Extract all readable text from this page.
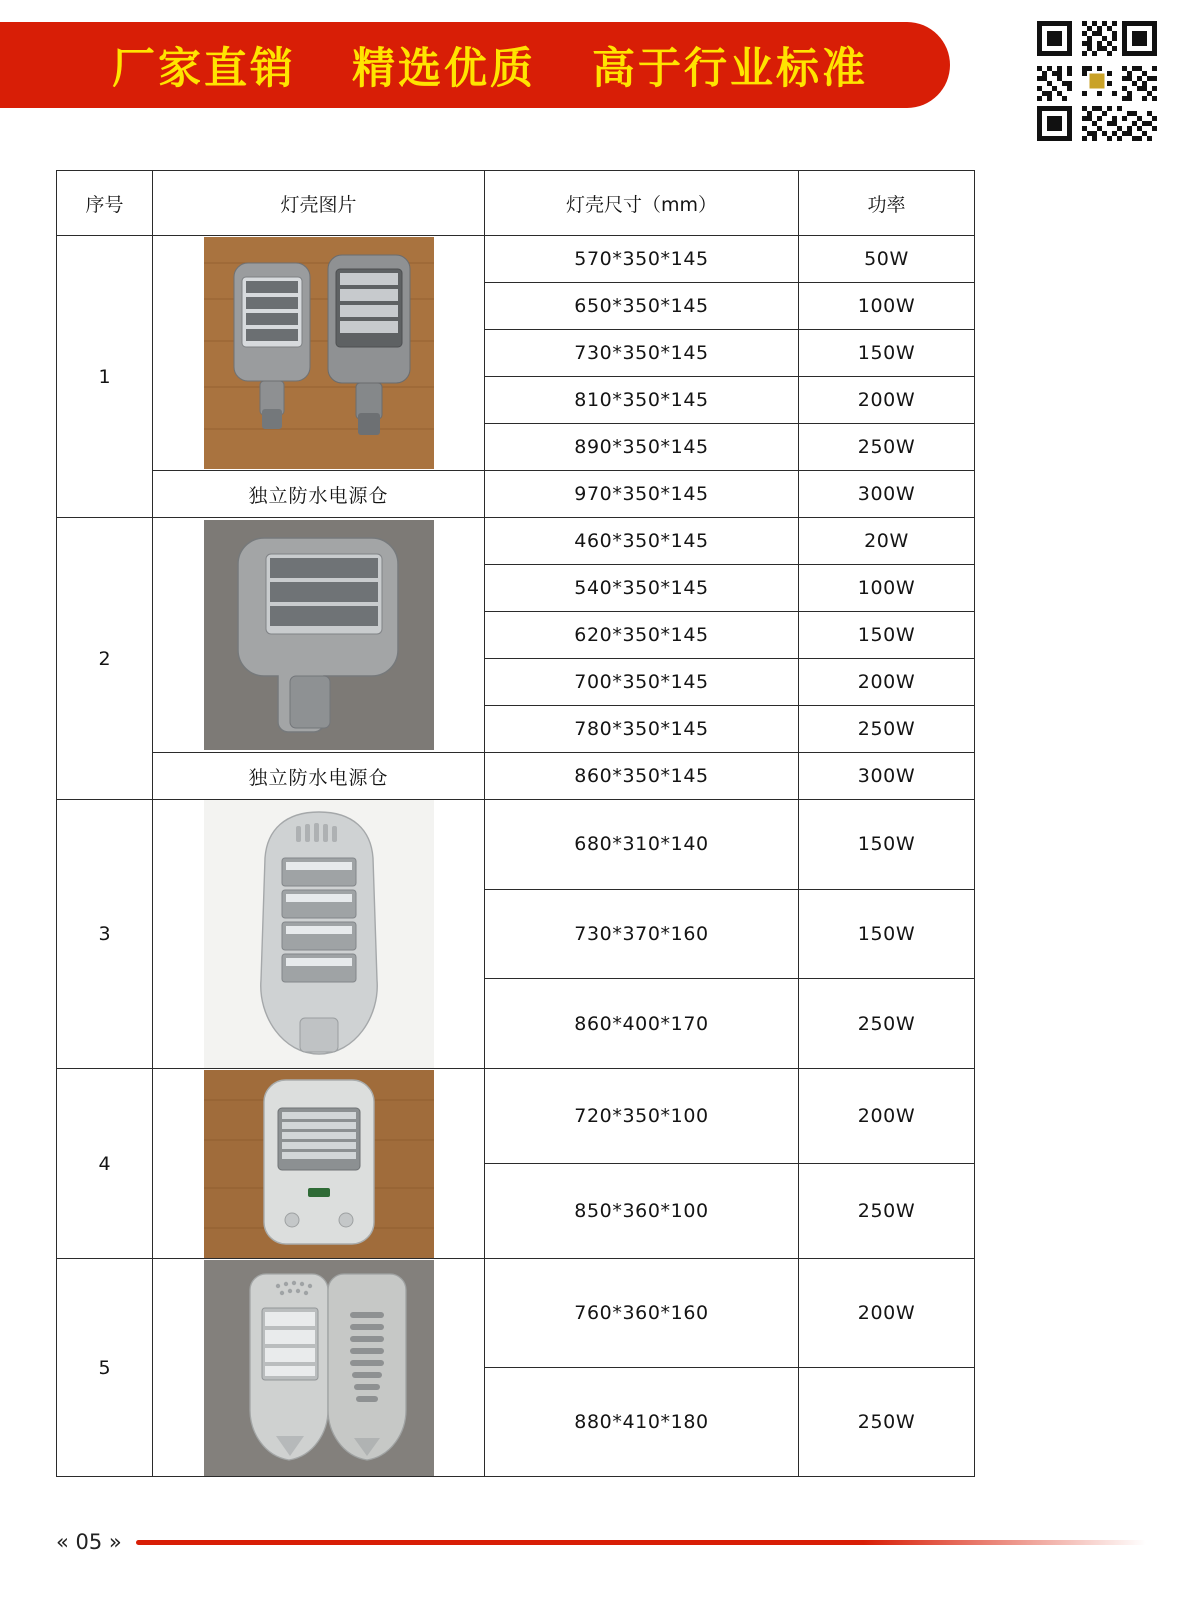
厂家直销 精选优质 高于行业标准
序号	灯壳图片	灯壳尺寸（mm）	功率
1		570*350*145	50W
		650*350*145	100W
		730*350*145	150W
		810*350*145	200W
		890*350*145	250W
	独立防水电源仓	970*350*145	300W
2		460*350*145	20W
		540*350*145	100W
		620*350*145	150W
		700*350*145	200W
		780*350*145	250W
	独立防水电源仓	860*350*145	300W
3		680*310*140	150W
		730*370*160	150W
		860*400*170	250W
4		720*350*100	200W
		850*360*100	250W
5		760*360*160	200W
		880*410*180	250W
« 05 »
